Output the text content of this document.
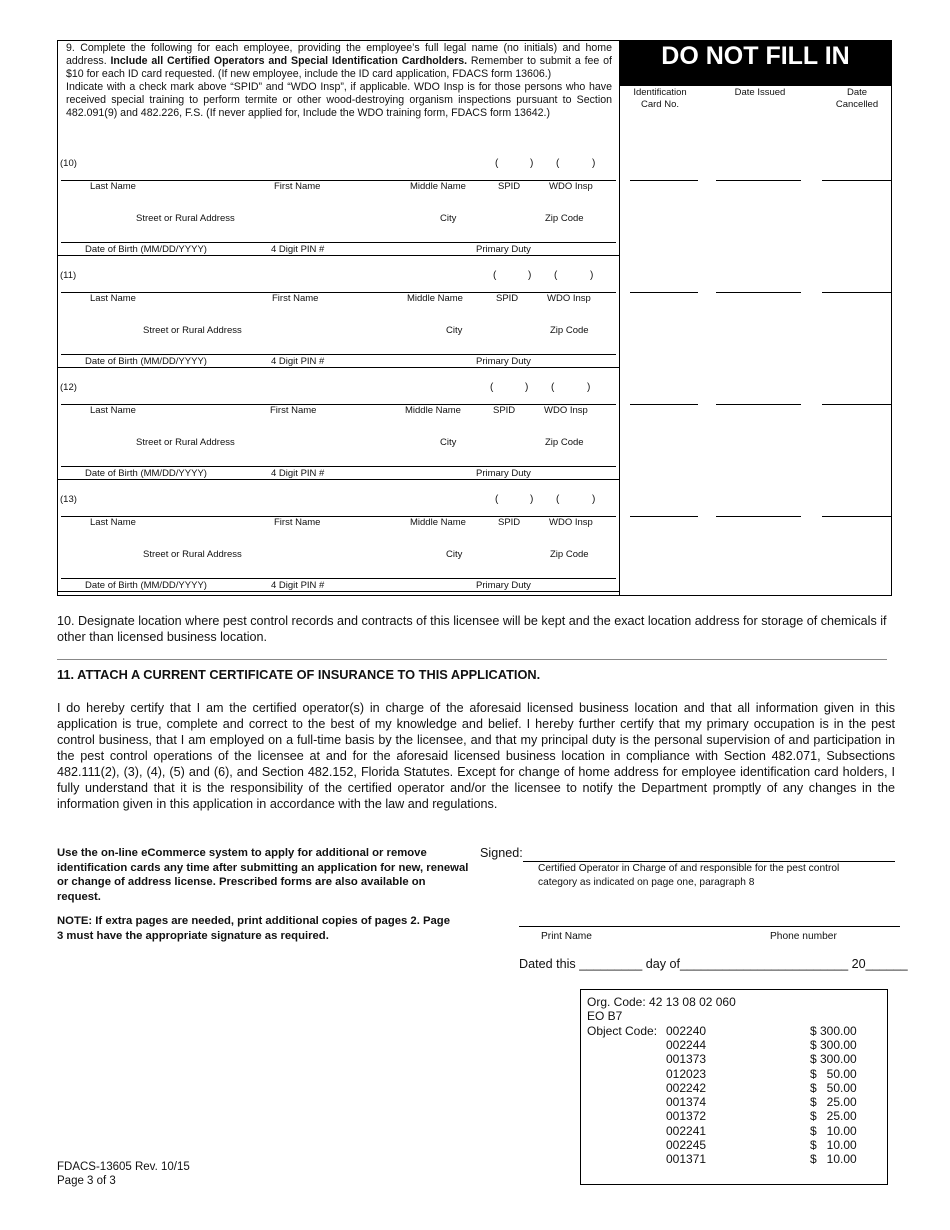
9. Complete the following for each employee, providing the employee’s full legal name (no initials) and home address. Include all Certified Operators and Special Identification Cardholders. Remember to submit a fee of $10 for each ID card requested. (If new employee, include the ID card application, FDACS form 13606.)
Indicate with a check mark above “SPID” and “WDO Insp”, if applicable. WDO Insp is for those persons who have received special training to perform termite or other wood-destroying organism inspections pursuant to Section 482.091(9) and 482.226, F.S. (If never applied for, Include the WDO training form, FDACS form 13642.)
DO NOT FILL IN
Identification
Card No.
Date Issued	Date
Cancelled
(10)	(	) (	)
Last Name	First Name	Middle Name	SPID	WDO Insp
Street or Rural Address	City	Zip Code
Date of Birth (MM/DD/YYYY)	4 Digit PIN #	Primary Duty
(11)	(	) (	)
Last Name	First Name	Middle Name	SPID	WDO Insp
Street or Rural Address	City	Zip Code
Date of Birth (MM/DD/YYYY)	4 Digit PIN #	Primary Duty
(12)	(	) (	)
Last Name	First Name	Middle Name	SPID	WDO Insp
Street or Rural Address	City	Zip Code
Date of Birth (MM/DD/YYYY)	4 Digit PIN #	Primary Duty
(13)	(	) (	)
Last Name	First Name	Middle Name	SPID	WDO Insp
Street or Rural Address	City	Zip Code
Date of Birth (MM/DD/YYYY)	4 Digit PIN #	Primary Duty
10. Designate location where pest control records and contracts of this licensee will be kept and the exact location address for storage of chemicals if other than licensed business location.
11. ATTACH A CURRENT CERTIFICATE OF INSURANCE TO THIS APPLICATION.
I do hereby certify that I am the certified operator(s) in charge of the aforesaid licensed business location and that all information given in this application is true, complete and correct to the best of my knowledge and belief. I hereby further certify that my primary occupation is in the pest control business, that I am employed on a full-time basis by the licensee, and that my principal duty is the personal supervision of and participation in the pest control operations of the licensee at and for the aforesaid licensed business location in compliance with Section 482.071, Subsections 482.111(2), (3), (4), (5) and (6), and Section 482.152, Florida Statutes. Except for change of home address for employee identification card holders, I fully understand that it is the responsibility of the certified operator and/or the licensee to notify the Department promptly of any changes in the information given in this application in accordance with the law and regulations.
Use the on-line eCommerce system to apply for additional or remove identification cards any time after submitting an application for new, renewal or change of address license. Prescribed forms are also available on request.
NOTE: If extra pages are needed, print additional copies of pages 2. Page 3 must have the appropriate signature as required.
Signed:
Certified Operator in Charge of and responsible for the pest control category as indicated on page one, paragraph 8
Print Name	Phone number
Dated this _________ day of________________________ 20______
Org. Code: 42 13 08 02 060
EO B7
Object Code: 002240	$ 300.00
002244	$ 300.00
001373	$ 300.00
012023	$   50.00
002242	$   50.00
001374	$   25.00
001372	$   25.00
002241	$   10.00
002245	$   10.00
001371	$   10.00
FDACS-13605 Rev. 10/15
Page 3 of 3
